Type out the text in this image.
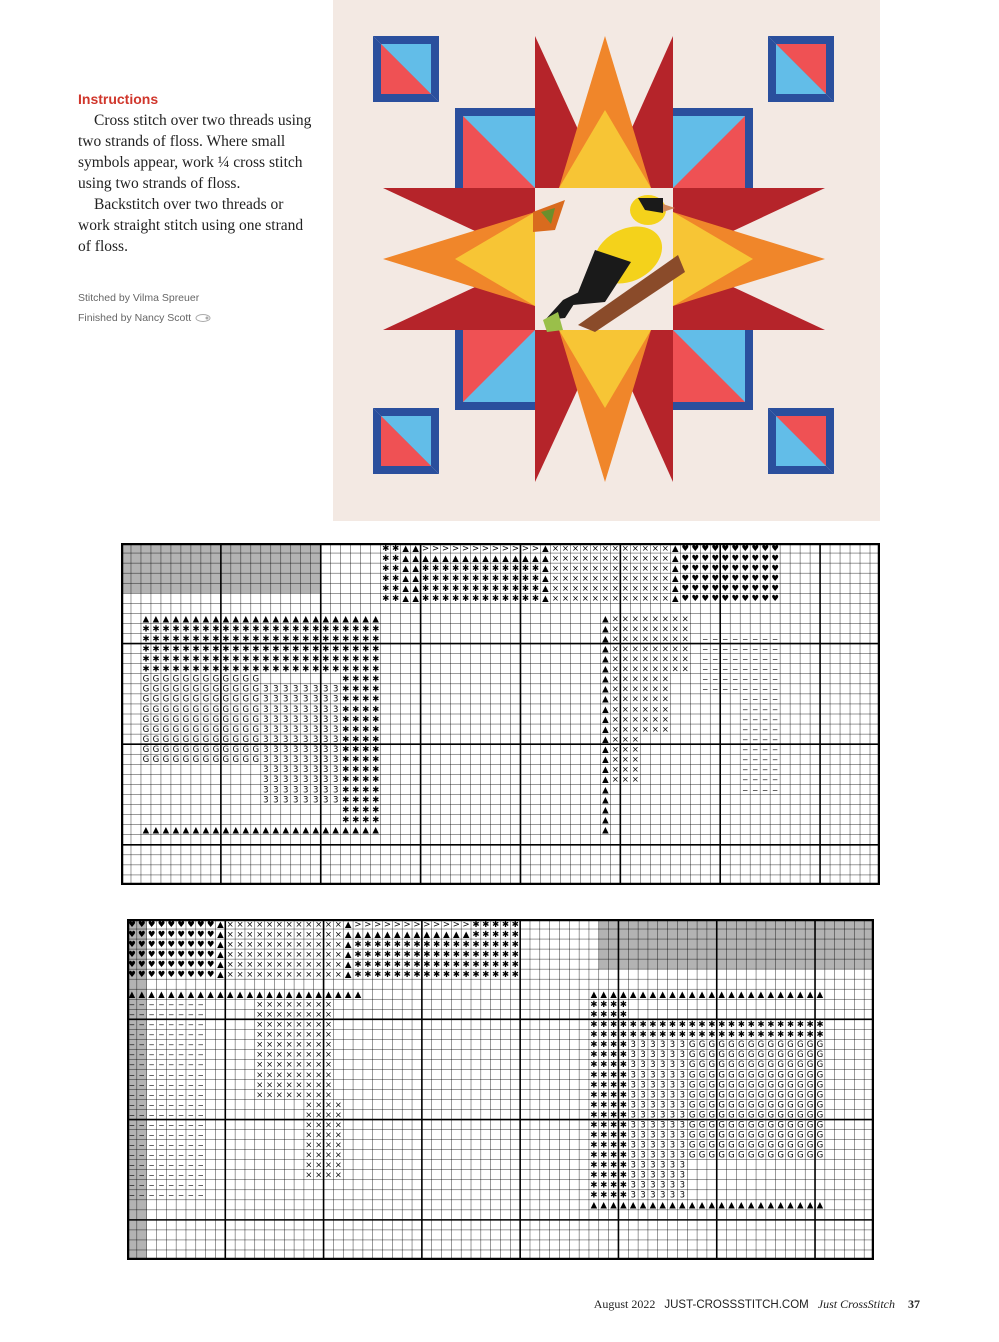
Instructions

Cross stitch over two threads using two strands of floss. Where small symbols appear, work ¼ cross stitch using two strands of floss.

Backstitch over two threads or work straight stitch using one strand of floss.

Stitched by Vilma Spreuer
Finished by Nancy Scott
✱
✱
✱
✱
✱
✱
✱
✱
✱
✱
✱
✱
▲
▲
▲
▲
▲
▲
▲
▲
▲
▲
▲
▲
> > > > > > > > > > > >
▲ ▲ ▲ ▲ ▲ ▲ ▲ ▲ ▲ ▲ ▲ ▲
✱
✱
✱
✱
✱
✱
✱
✱
✱
✱
✱
✱
✱
✱
✱
✱
✱
✱
✱
✱
✱
✱
✱
✱
✱
✱
✱
✱
✱
✱
✱
✱
✱
✱
✱
✱
✱
✱
✱
✱
✱
✱
✱
✱
✱
✱
✱
✱
▲
▲
▲
▲
▲
▲
⨯
⨯
⨯
⨯
⨯
⨯
⨯
⨯
⨯
⨯
⨯
⨯
⨯
⨯
⨯
⨯
⨯
⨯
⨯
⨯
⨯
⨯
⨯
⨯
⨯
⨯
⨯
⨯
⨯
⨯
⨯
⨯
⨯
⨯
⨯
⨯
⨯
⨯
⨯
⨯
⨯
⨯
⨯
⨯
⨯
⨯
⨯
⨯
⨯
⨯
⨯
⨯
⨯
⨯
⨯
⨯
⨯
⨯
⨯
⨯
⨯
⨯
⨯
⨯
⨯
⨯
⨯
⨯
⨯
⨯
⨯
⨯
▲
▲
▲
▲
▲
▲
♥
♥
♥
♥
♥
♥
♥
♥
♥
♥
♥
♥
♥
♥
♥
♥
♥
♥
♥
♥
♥
♥
♥
♥
♥
♥
♥
♥
♥
♥
♥
♥
♥
♥
♥
♥
♥
♥
♥
♥
♥
♥
♥
♥
♥
♥
♥
♥
♥
♥
♥
♥
♥
♥
♥
♥
♥
♥
♥
♥
▲ ▲ ▲ ▲ ▲ ▲ ▲ ▲ ▲ ▲ ▲ ▲ ▲ ▲ ▲ ▲ ▲ ▲ ▲ ▲ ▲ ▲ ▲ ▲
✱
✱
✱
✱
✱
✱
✱
✱
✱
✱
✱
✱
✱
✱
✱
✱
✱
✱
✱
✱
✱
✱
✱
✱
✱
✱
✱
✱
✱
✱
✱
✱
✱
✱
✱
✱
✱
✱
✱
✱
✱
✱
✱
✱
✱
✱
✱
✱
✱
✱
✱
✱
✱
✱
✱
✱
✱
✱
✱
✱
✱
✱
✱
✱
✱
✱
✱
✱
✱
✱
✱
✱
✱
✱
✱
✱
✱
✱
✱
✱
✱
✱
✱
✱
✱
✱
✱
✱
✱
✱
✱
✱
✱
✱
✱
✱
✱
✱
✱
✱
✱
✱
✱
✱
✱
✱
✱
✱
✱
✱
✱
✱
✱
✱
✱
✱
✱
✱
✱
✱
G
G
G
G
G
G
G
G
G
G
G
G
G
G
G
G
G
G
G
G
G
G
G
G
G
G
G
G
G
G
G
G
G
G
G
G
G
G
G
G
G
G
G
G
G
G
G
G
G
G
G
G
G
G
G
G
G
G
G
G
G
G
G
G
G
G
G
G
G
G
G
G
G
G
G
G
G
G
G
G
G
G
G
G
G
G
G
G
G
G
G
G
G
G
G
G
G
G
G
G
G
G
G
G
G
G
G
G
3
3
3
3
3
3
3
3
3
3
3
3
3
3
3
3
3
3
3
3
3
3
3
3
3
3
3
3
3
3
3
3
3
3
3
3
3
3
3
3
3
3
3
3
3
3
3
3
3
3
3
3
3
3
3
3
3
3
3
3
3
3
3
3
3
3
3
3
3
3
3
3
3
3
3
3
3
3
3
3
3
3
3
3
3
3
3
3
3
3
3
3
3
3
3
3
✱
✱
✱
✱
✱
✱
✱
✱
✱
✱
✱
✱
✱
✱
✱
✱
✱
✱
✱
✱
✱
✱
✱
✱
✱
✱
✱
✱
✱
✱
✱
✱
✱
✱
✱
✱
✱
✱
✱
✱
✱
✱
✱
✱
✱
✱
✱
✱
✱
✱
✱
✱
✱
✱
✱
✱
✱
✱
✱
✱
▲ ▲ ▲ ▲ ▲ ▲ ▲ ▲ ▲ ▲ ▲ ▲ ▲ ▲ ▲ ▲ ▲ ▲ ▲ ▲ ▲ ▲ ▲ ▲
⨯
⨯
⨯
⨯
⨯
⨯
⨯
⨯
⨯
⨯
⨯
⨯
⨯
⨯
⨯
⨯
⨯
⨯
⨯
⨯
⨯
⨯
⨯
⨯
⨯
⨯
⨯
⨯
⨯
⨯
⨯
⨯
⨯
⨯
⨯
⨯
⨯
⨯
⨯
⨯
⨯
⨯
⨯
⨯
⨯
⨯
⨯
⨯
⨯
⨯
⨯
⨯
⨯
⨯
⨯
⨯
⨯
⨯
⨯
⨯
⨯
⨯
⨯
⨯
⨯
⨯
⨯
⨯
⨯
⨯
⨯
⨯
⨯
⨯
⨯
⨯
⨯
⨯
⨯
⨯
⨯
⨯
⨯
⨯
⨯
⨯
⨯
⨯
⨯
⨯
⨯
⨯
⨯
⨯
⨯
⨯
⨯
⨯
⨯
▲
▲
▲
▲
▲
▲
▲
▲
▲
▲
▲
▲
▲
▲
▲
▲
▲
▲
▲
▲
▲
▲
‒
‒
‒
‒
‒
‒
‒
‒
‒
‒
‒
‒
‒
‒
‒
‒
‒
‒
‒
‒
‒
‒
‒
‒
‒
‒
‒
‒
‒
‒
‒
‒
‒
‒
‒
‒
‒
‒
‒
‒
‒
‒
‒
‒
‒
‒
‒
‒
‒
‒
‒
‒
‒
‒
‒
‒
‒
‒
‒
‒
‒
‒
‒
‒
‒
‒
‒
‒
‒
‒
‒
‒
‒
‒
‒
‒
‒
‒
‒
‒
‒
‒
‒
‒
‒
‒
‒
‒
♥
♥
♥
♥
♥
♥
♥
♥
♥
♥
♥
♥
♥
♥
♥
♥
♥
♥
♥
♥
♥
♥
♥
♥
♥
♥
♥
♥
♥
♥
♥
♥
♥
♥
♥
♥
♥
♥
♥
♥
♥
♥
♥
♥
♥
♥
♥
♥
♥
♥
♥
♥
♥
♥
▲
▲
▲
▲
▲
▲
⨯
⨯
⨯
⨯
⨯
⨯
⨯
⨯
⨯
⨯
⨯
⨯
⨯
⨯
⨯
⨯
⨯
⨯
⨯
⨯
⨯
⨯
⨯
⨯
⨯
⨯
⨯
⨯
⨯
⨯
⨯
⨯
⨯
⨯
⨯
⨯
⨯
⨯
⨯
⨯
⨯
⨯
⨯
⨯
⨯
⨯
⨯
⨯
⨯
⨯
⨯
⨯
⨯
⨯
⨯
⨯
⨯
⨯
⨯
⨯
⨯
⨯
⨯
⨯
⨯
⨯
⨯
⨯
⨯
⨯
⨯
⨯
▲
▲
▲
▲
▲
▲
> > > > > > > > > > > >
▲ ▲ ▲ ▲ ▲ ▲ ▲ ▲ ▲ ▲ ▲ ▲
✱
✱
✱
✱
✱
✱
✱
✱
✱
✱
✱
✱
✱
✱
✱
✱
✱
✱
✱
✱
✱
✱
✱
✱
✱
✱
✱
✱
✱
✱
✱
✱
✱
✱
✱
✱
✱
✱
✱
✱
✱
✱
✱
✱
✱
✱
✱
✱
✱
✱
✱
✱
✱
✱
✱
✱
✱
✱
✱
✱
✱
✱
✱
✱
✱
✱
✱
✱
✱
✱
✱
✱
✱
✱
✱
✱
✱
✱
▲ ▲ ▲ ▲ ▲ ▲ ▲ ▲ ▲ ▲ ▲ ▲ ▲ ▲ ▲ ▲ ▲ ▲ ▲ ▲ ▲ ▲ ▲ ▲
‒
‒
‒
‒
‒
‒
‒
‒
‒
‒
‒
‒
‒
‒
‒
‒
‒
‒
‒
‒
‒
‒
‒
‒
‒
‒
‒
‒
‒
‒
‒
‒
‒
‒
‒
‒
‒
‒
‒
‒
‒
‒
‒
‒
‒
‒
‒
‒
‒
‒
‒
‒
‒
‒
‒
‒
‒
‒
‒
‒
‒
‒
‒
‒
‒
‒
‒
‒
‒
‒
‒
‒
‒
‒
‒
‒
‒
‒
‒
‒
‒
‒
‒
‒
‒
‒
‒
‒
‒
‒
‒
‒
‒
‒
‒
‒
‒
‒
‒
‒
‒
‒
‒
‒
‒
‒
‒
‒
‒
‒
‒
‒
‒
‒
‒
‒
‒
‒
‒
‒
‒
‒
‒
‒
‒
‒
‒
‒
‒
‒
‒
‒
‒
‒
‒
‒
‒
‒
‒
‒
‒
‒
‒
‒
‒
‒
‒
‒
‒
‒
‒
‒
‒
‒
‒
‒
‒
‒
‒
‒
⨯
⨯
⨯
⨯
⨯
⨯
⨯
⨯
⨯
⨯
⨯
⨯
⨯
⨯
⨯
⨯
⨯
⨯
⨯
⨯
⨯
⨯
⨯
⨯
⨯
⨯
⨯
⨯
⨯
⨯
⨯
⨯
⨯
⨯
⨯
⨯
⨯
⨯
⨯
⨯
⨯
⨯
⨯
⨯
⨯
⨯
⨯
⨯
⨯
⨯
⨯
⨯
⨯
⨯
⨯
⨯
⨯
⨯
⨯
⨯
⨯
⨯
⨯
⨯
⨯
⨯
⨯
⨯
⨯
⨯
⨯
⨯
⨯
⨯
⨯
⨯
⨯
⨯
⨯
⨯
⨯
⨯
⨯
⨯
⨯
⨯
⨯
⨯
⨯
⨯
⨯
⨯
⨯
⨯
⨯
⨯
⨯
⨯
⨯
⨯
⨯
⨯
⨯
⨯
⨯
⨯
⨯
⨯
⨯
⨯
⨯
⨯
▲ ▲ ▲ ▲ ▲ ▲ ▲ ▲ ▲ ▲ ▲ ▲ ▲ ▲ ▲ ▲ ▲ ▲ ▲ ▲ ▲ ▲ ▲ ▲
✱
✱
✱
✱
✱
✱
✱
✱
✱
✱
✱
✱
✱
✱
✱
✱
✱
✱
✱
✱
✱
✱
✱
✱
✱
✱
✱
✱
✱
✱
✱
✱
✱
✱
✱
✱
✱
✱
✱
✱
✱
✱
✱
✱
✱
✱
✱
✱
✱
✱
✱
✱
✱
✱
✱
✱
✱
✱
✱
✱
✱
✱
✱
✱
✱
✱
✱
✱
✱
✱
✱
✱
✱
✱
✱
✱
✱
✱
✱
✱
✱
✱
✱
✱
✱
✱
✱
✱
✱
✱
✱
✱
✱
✱
✱
✱
✱
✱
✱
✱
✱
✱
✱
✱
✱
✱
✱
✱
✱
✱
✱
✱
✱
✱
✱
✱
✱
✱
✱
✱
3
3
3
3
3
3
3
3
3
3
3
3
3
3
3
3
3
3
3
3
3
3
3
3
3
3
3
3
3
3
3
3
3
3
3
3
3
3
3
3
3
3
3
3
3
3
3
3
3
3
3
3
3
3
3
3
3
3
3
3
3
3
3
3
3
3
3
3
3
3
3
3
3
3
3
3
3
3
3
3
3
3
3
3
3
3
3
3
3
3
3
3
3
3
3
3
G
G
G
G
G
G
G
G
G
G
G
G
G
G
G
G
G
G
G
G
G
G
G
G
G
G
G
G
G
G
G
G
G
G
G
G
G
G
G
G
G
G
G
G
G
G
G
G
G
G
G
G
G
G
G
G
G
G
G
G
G
G
G
G
G
G
G
G
G
G
G
G
G
G
G
G
G
G
G
G
G
G
G
G
G
G
G
G
G
G
G
G
G
G
G
G
G
G
G
G
G
G
G
G
G
G
G
G
G
G
G
G
G
G
G
G
G
G
G
G
G
G
G
G
G
G
G
G
G
G
G
G
G
G
G
G
G
G
G
G
G
G
G
G
G
G
G
G
G
G
G
G
G
G
G
G
G
G
G
G
G
G
G
G
G
G
G
G
▲ ▲ ▲ ▲ ▲ ▲ ▲ ▲ ▲ ▲ ▲ ▲ ▲ ▲ ▲ ▲ ▲ ▲ ▲ ▲ ▲ ▲ ▲ ▲
August 2022 JUST-CROSSSTITCH.COM Just CrossStitch 37
